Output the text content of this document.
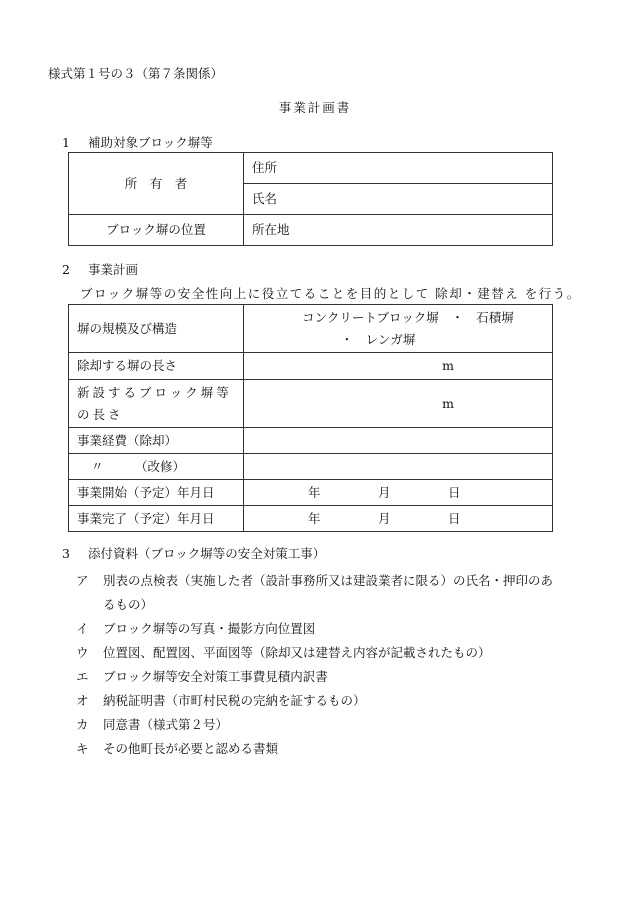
様式第１号の３（第７条関係）
事業計画書
1 補助対象ブロック塀等
所　有　者	住所
	氏名
ブロック塀の位置	所在地
2 事業計画
ブロック塀等の安全性向上に役立てることを目的として 除却・建替え を行う。
塀の規模及び構造	コンクリートブロック塀　・　石積塀
・　レンガ塀

除却する塀の長さ	m
新設するブロック塀等の長さ	m
事業経費（除却）	
〃 （改修）	
事業開始（予定）年月日	年 月 日
事業完了（予定）年月日	年 月 日
3 添付資料（ブロック塀等の安全対策工事）
ア 別表の点検表（実施した者（設計事務所又は建設業者に限る）の氏名・押印のあ
るもの）
イ ブロック塀等の写真・撮影方向位置図
ウ 位置図、配置図、平面図等（除却又は建替え内容が記載されたもの）
エ ブロック塀等安全対策工事費見積内訳書
オ 納税証明書（市町村民税の完納を証するもの）
カ 同意書（様式第２号）
キ その他町長が必要と認める書類
